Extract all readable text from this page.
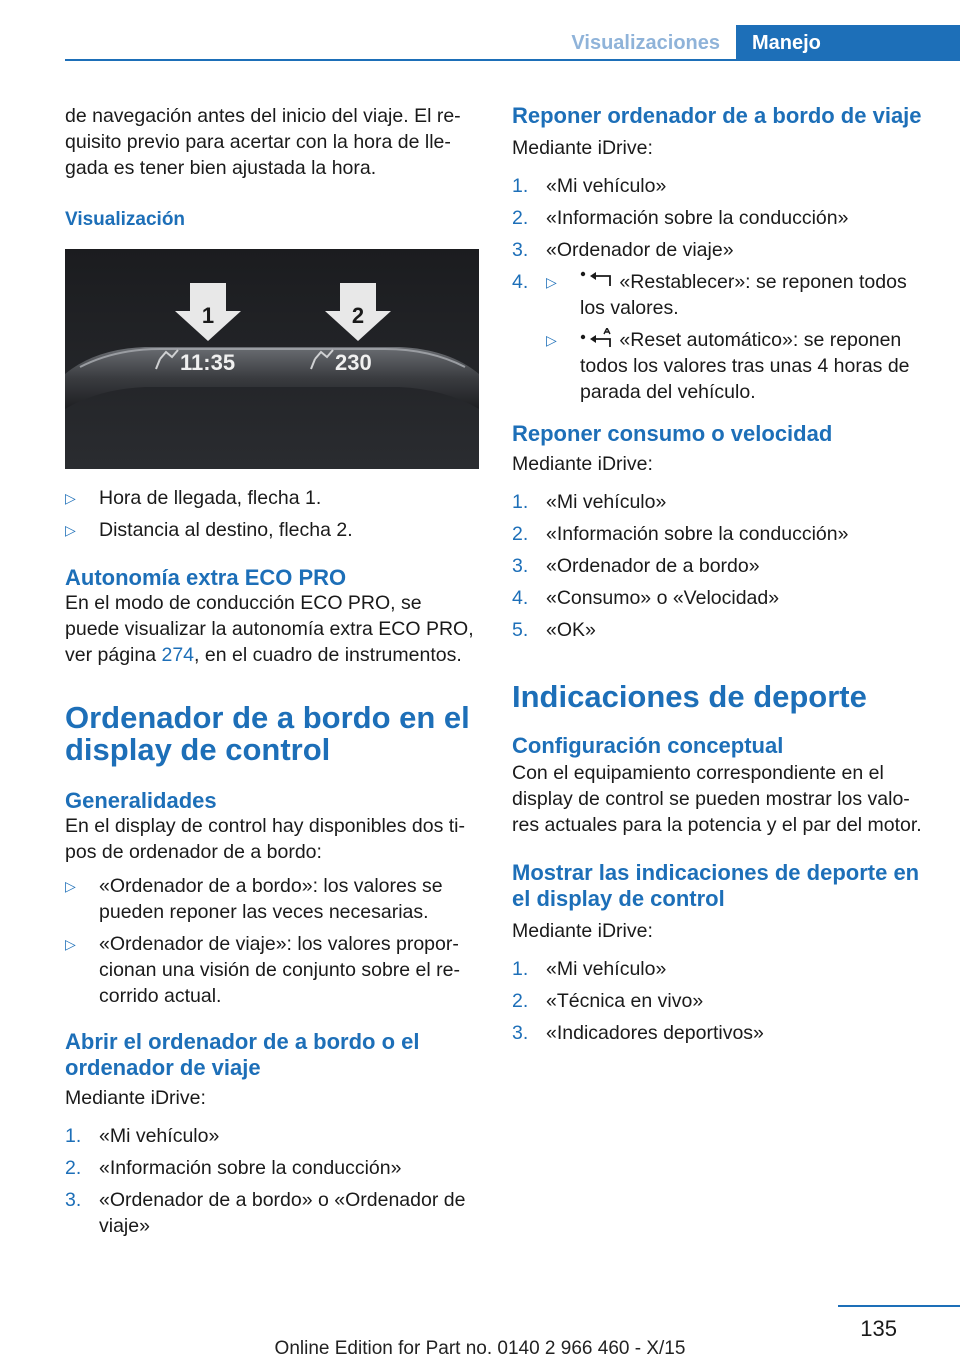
Visualizaciones	Manejo

de navegación antes del inicio del viaje. El re-quisito previo para acertar con la hora de lle-gada es tener bien ajustada la hora.

Visualización
1	2
11:35	230
▷ Hora de llegada, flecha 1.
▷ Distancia al destino, flecha 2.
Autonomía extra ECO PRO

En el modo de conducción ECO PRO, se puede visualizar la autonomía extra ECO PRO, ver página 274, en el cuadro de instrumentos.

Ordenador de a bordo en el display de control
Generalidades

En el display de control hay disponibles dos ti-pos de ordenador de a bordo:

▷ «Ordenador de a bordo»: los valores se pueden reponer las veces necesarias.
▷ «Ordenador de viaje»: los valores propor-cionan una visión de conjunto sobre el re-corrido actual.
Abrir el ordenador de a bordo o el ordenador de viaje

Mediante iDrive:

1. «Mi vehículo»
2. «Información sobre la conducción»
3. «Ordenador de a bordo» o «Ordenador de viaje»
Reponer ordenador de a bordo de viaje

Mediante iDrive:

1. «Mi vehículo»
2. «Información sobre la conducción»
3. «Ordenador de viaje»
4. ▷	«Restablecer»: se reponen todos los valores.
▷	«Reset automático»: se reponen todos los valores tras unas 4 horas de parada del vehículo.
Reponer consumo o velocidad

Mediante iDrive:

1. «Mi vehículo»
2. «Información sobre la conducción»
3. «Ordenador de a bordo»
4. «Consumo» o «Velocidad»
5. «OK»
Indicaciones de deporte
Configuración conceptual

Con el equipamiento correspondiente en el display de control se pueden mostrar los valo-res actuales para la potencia y el par del motor.

Mostrar las indicaciones de deporte en el display de control

Mediante iDrive:

1. «Mi vehículo»
2. «Técnica en vivo»
3. «Indicadores deportivos»
135
Online Edition for Part no. 0140 2 966 460 - X/15
